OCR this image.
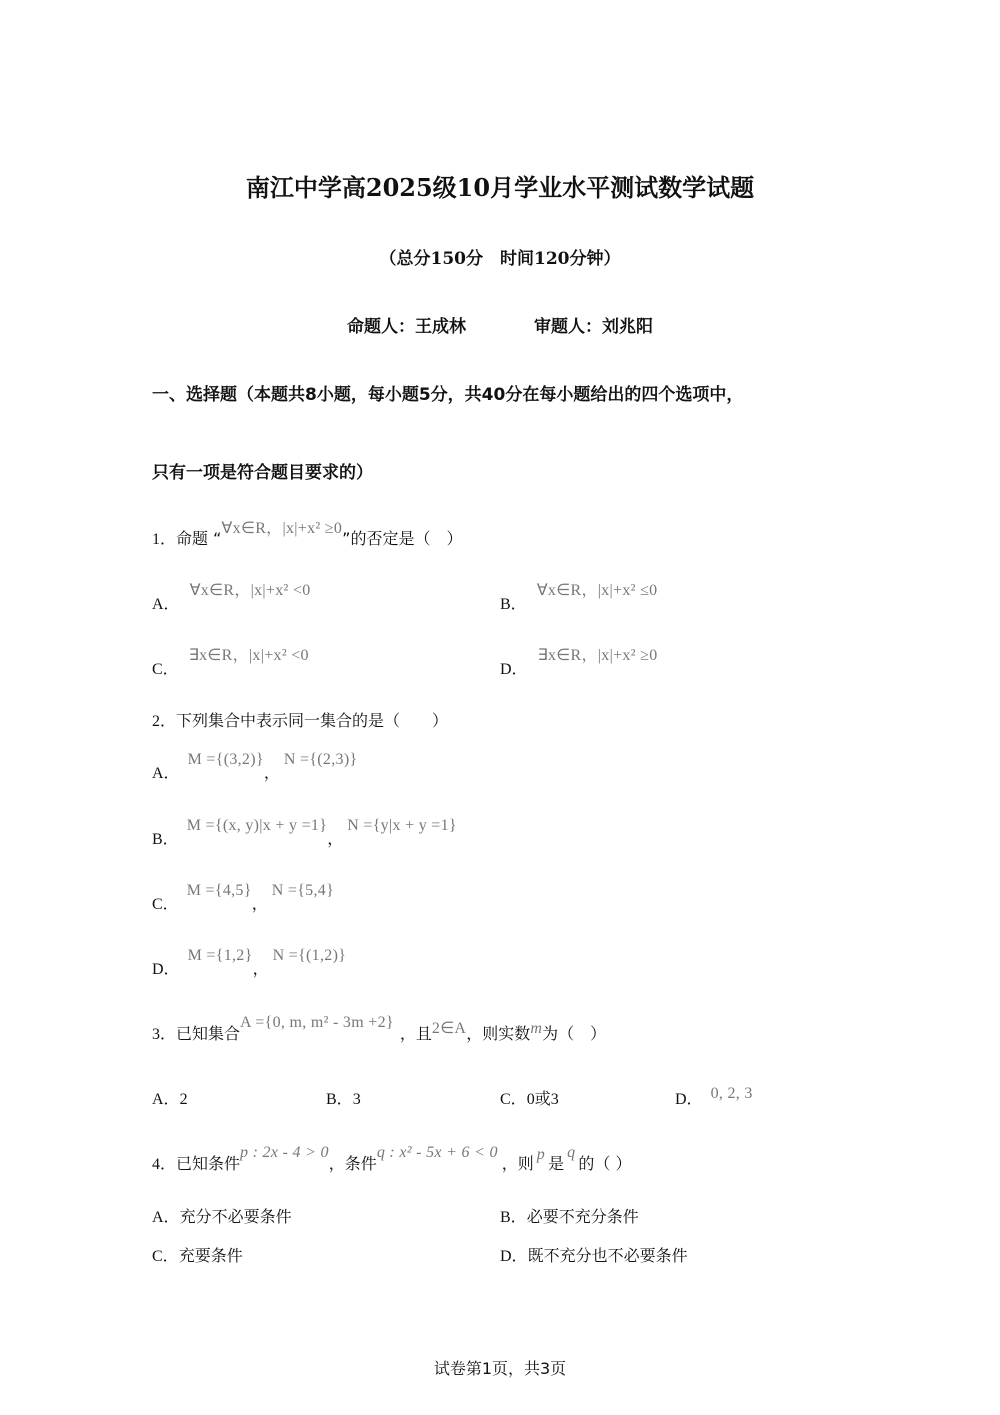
南江中学高2025级10月学业水平测试数学试题
（总分150分　时间120分钟）
命题人：王成林	审题人：刘兆阳
一、选择题（本题共8小题，每小题5分，共40分在每小题给出的四个选项中，
只有一项是符合题目要求的）
1．命题 “∀x∈R，|x|+x² ≥0”的否定是（　）
A．∀x∈R，|x|+x² <0
B．∀x∈R，|x|+x² ≤0
C．∃x∈R，|x|+x² <0
D．∃x∈R，|x|+x² ≥0
2．下列集合中表示同一集合的是（　　）
A．M ={(3,2)}，N ={(2,3)}
B．M ={(x, y)|x + y =1}，N ={y|x + y =1}
C．M ={4,5}，N ={5,4}
D．M ={1,2}，N ={(1,2)}
3．已知集合A ={0, m, m² - 3m +2}，且2∈A，则实数m为（　）
A．2	B．3	C．0或3	D． 0, 2, 3
4．已知条件p : 2x - 4 > 0，条件q : x² - 5x + 6 < 0，则 p 是q的（ ）
A．充分不必要条件	B．必要不充分条件
C．充要条件	D．既不充分也不必要条件
试卷第1页，共3页
